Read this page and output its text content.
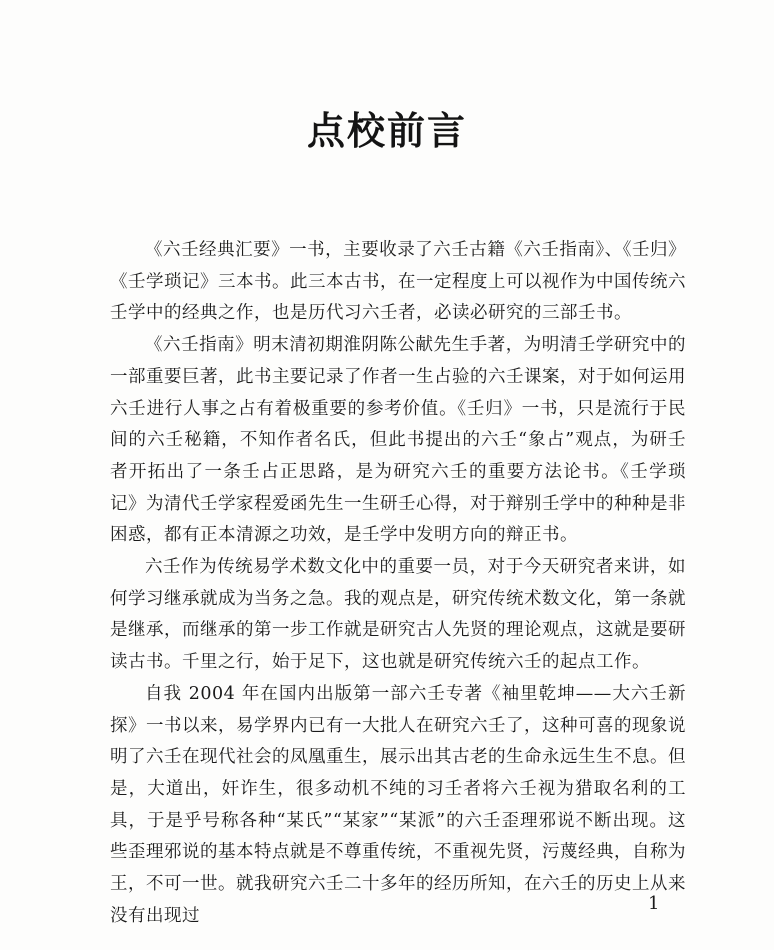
点校前言

《六壬经典汇要》一书，主要收录了六壬古籍《六壬指南》、《壬归》《壬学琐记》三本书。此三本古书，在一定程度上可以视作为中国传统六壬学中的经典之作，也是历代习六壬者，必读必研究的三部壬书。

《六壬指南》明末清初期淮阴陈公献先生手著，为明清壬学研究中的一部重要巨著，此书主要记录了作者一生占验的六壬课案，对于如何运用六壬进行人事之占有着极重要的参考价值。《壬归》一书，只是流行于民间的六壬秘籍，不知作者名氏，但此书提出的六壬“象占”观点，为研壬者开拓出了一条壬占正思路，是为研究六壬的重要方法论书。《壬学琐记》为清代壬学家程爱函先生一生研壬心得，对于辩别壬学中的种种是非困惑，都有正本清源之功效，是壬学中发明方向的辩正书。

六壬作为传统易学术数文化中的重要一员，对于今天研究者来讲，如何学习继承就成为当务之急。我的观点是，研究传统术数文化，第一条就是继承，而继承的第一步工作就是研究古人先贤的理论观点，这就是要研读古书。千里之行，始于足下，这也就是研究传统六壬的起点工作。

自我 2004 年在国内出版第一部六壬专著《袖里乾坤——大六壬新探》一书以来，易学界内已有一大批人在研究六壬了，这种可喜的现象说明了六壬在现代社会的凤凰重生，展示出其古老的生命永远生生不息。但是，大道出，奸诈生，很多动机不纯的习壬者将六壬视为猎取名利的工具，于是乎号称各种“某氏”“某家”“某派”的六壬歪理邪说不断出现。这些歪理邪说的基本特点就是不尊重传统，不重视先贤，污蔑经典，自称为王，不可一世。就我研究六壬二十多年的经历所知，在六壬的历史上从来没有出现过

1
